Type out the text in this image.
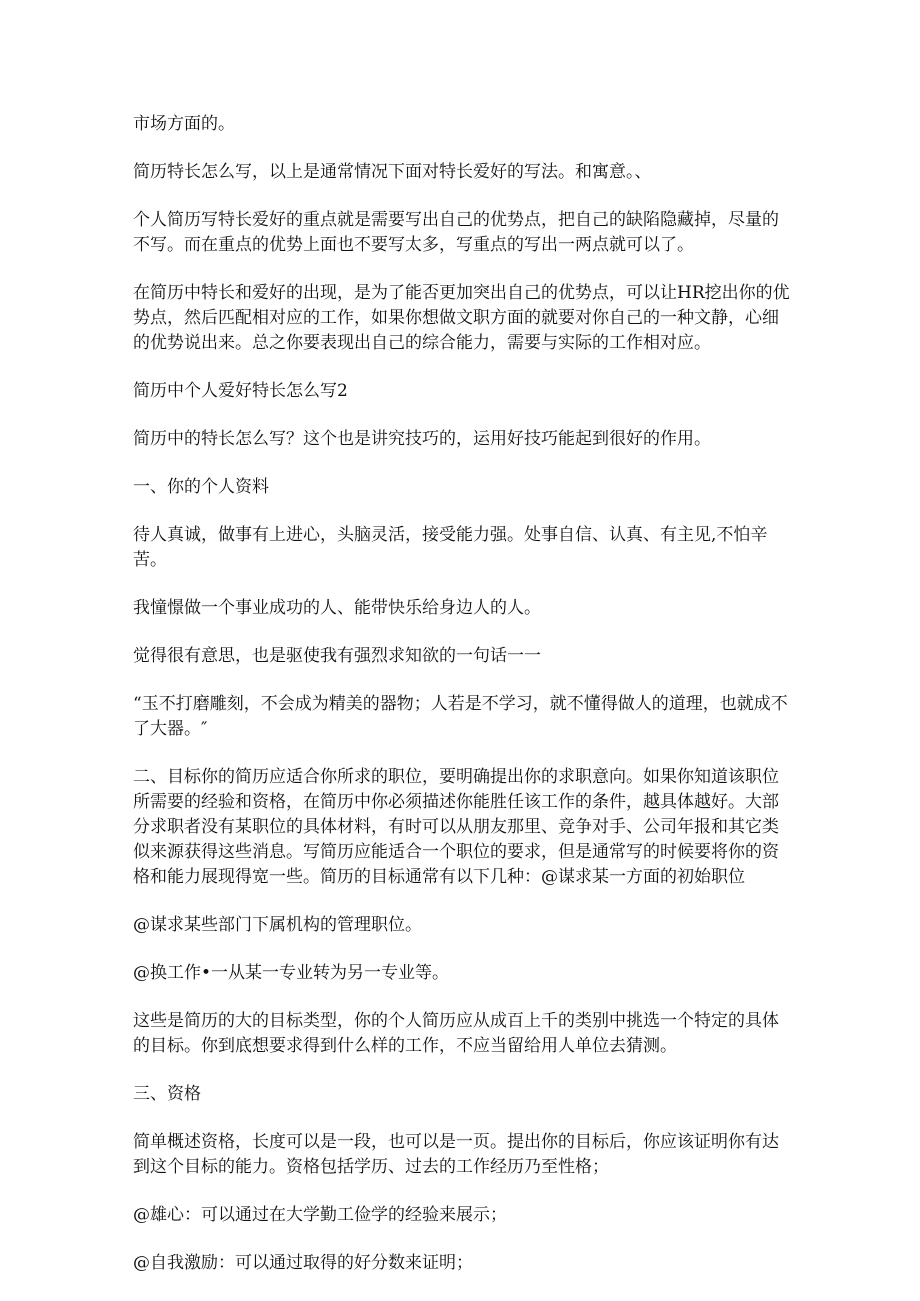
市场方面的。

简历特长怎么写，以上是通常情况下面对特长爱好的写法。和寓意。、

个人简历写特长爱好的重点就是需要写出自己的优势点，把自己的缺陷隐藏掉，尽量的不写。而在重点的优势上面也不要写太多，写重点的写出一两点就可以了。

在简历中特长和爱好的出现，是为了能否更加突出自己的优势点，可以让HR挖出你的优势点，然后匹配相对应的工作，如果你想做文职方面的就要对你自己的一种文静，心细的优势说出来。总之你要表现出自己的综合能力，需要与实际的工作相对应。

简历中个人爱好特长怎么写2

简历中的特长怎么写？这个也是讲究技巧的，运用好技巧能起到很好的作用。

一、你的个人资料

待人真诚，做事有上进心，头脑灵活，接受能力强。处事自信、认真、有主见,不怕辛苦。

我憧憬做一个事业成功的人、能带快乐给身边人的人。

觉得很有意思，也是驱使我有强烈求知欲的一句话一一

“玉不打磨雕刻，不会成为精美的器物；人若是不学习，就不懂得做人的道理，也就成不了大器。″

二、目标你的简历应适合你所求的职位，要明确提出你的求职意向。如果你知道该职位所需要的经验和资格，在简历中你必须描述你能胜任该工作的条件，越具体越好。大部分求职者没有某职位的具体材料，有时可以从朋友那里、竞争对手、公司年报和其它类似来源获得这些消息。写简历应能适合一个职位的要求，但是通常写的时候要将你的资格和能力展现得宽一些。简历的目标通常有以下几种：@谋求某一方面的初始职位

@谋求某些部门下属机构的管理职位。

@换工作•一从某一专业转为另一专业等。

这些是简历的大的目标类型，你的个人简历应从成百上千的类别中挑选一个特定的具体的目标。你到底想要求得到什么样的工作，不应当留给用人单位去猜测。

三、资格

简单概述资格，长度可以是一段，也可以是一页。提出你的目标后，你应该证明你有达到这个目标的能力。资格包括学历、过去的工作经历乃至性格；

@雄心：可以通过在大学勤工俭学的经验来展示；

@自我激励：可以通过取得的好分数来证明；
